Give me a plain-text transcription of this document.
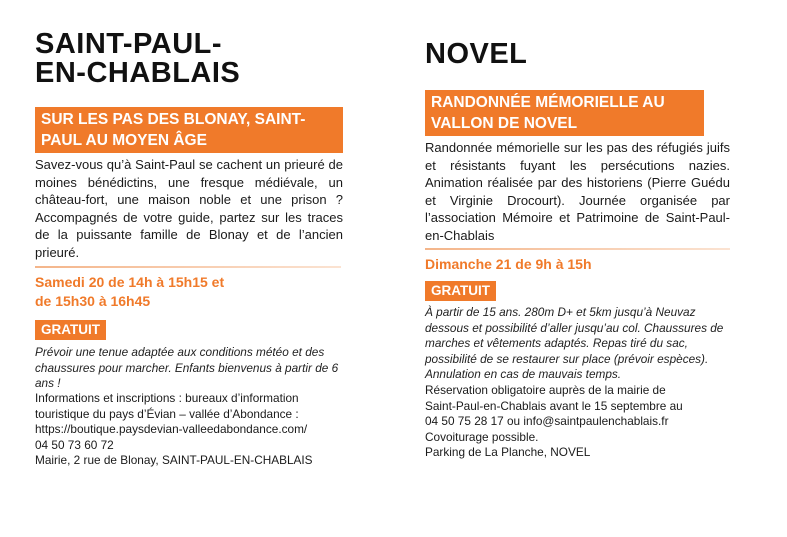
SAINT-PAUL-
EN-CHABLAIS
SUR LES PAS DES BLONAY, SAINT-PAUL AU MOYEN ÂGE
Savez-vous qu’à Saint-Paul se cachent un prieuré de moines bénédictins, une fresque médiévale, un château-fort, une maison noble et une prison ? Accompagnés de votre guide, partez sur les traces de la puissante famille de Blonay et de l’ancien prieuré.
Samedi 20 de 14h à 15h15 et
de 15h30 à 16h45
GRATUIT
Prévoir une tenue adaptée aux conditions météo et des chaussures pour marcher. Enfants bienvenus à partir de 6 ans !
Informations et inscriptions : bureaux d’information
touristique du pays d’Évian – vallée d’Abondance :
https://boutique.paysdevian-valleedabondance.com/
04 50 73 60 72
Mairie, 2 rue de Blonay, SAINT-PAUL-EN-CHABLAIS
NOVEL
RANDONNÉE MÉMORIELLE AU VALLON DE NOVEL
Randonnée mémorielle sur les pas des réfugiés juifs et résistants fuyant les persécutions nazies. Animation réalisée par des historiens (Pierre Guédu et Virginie Drocourt). Journée organisée par l’association Mémoire et Patrimoine de Saint-Paul-en-Chablais
Dimanche 21 de 9h à 15h
GRATUIT
À partir de 15 ans. 280m D+ et 5km jusqu’à Neuvaz dessous et possibilité d’aller jusqu’au col. Chaussures de marches et vêtements adaptés. Repas tiré du sac, possibilité de se restaurer sur place (prévoir espèces). Annulation en cas de mauvais temps.
Réservation obligatoire auprès de la mairie de
Saint-Paul-en-Chablais avant le 15 septembre au
04 50 75 28 17 ou info@saintpaulenchablais.fr
Covoiturage possible.
Parking de La Planche, NOVEL
